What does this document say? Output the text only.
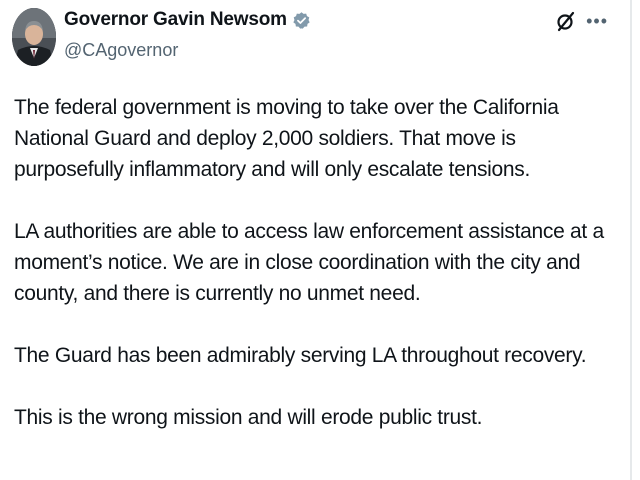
Governor Gavin Newsom
@CAgovernor
•••

The federal government is moving to take over the California National Guard and deploy 2,000 soldiers. That move is purposefully inflammatory and will only escalate tensions.

LA authorities are able to access law enforcement assistance at a moment’s notice. We are in close coordination with the city and county, and there is currently no unmet need.

The Guard has been admirably serving LA throughout recovery.

This is the wrong mission and will erode public trust.
